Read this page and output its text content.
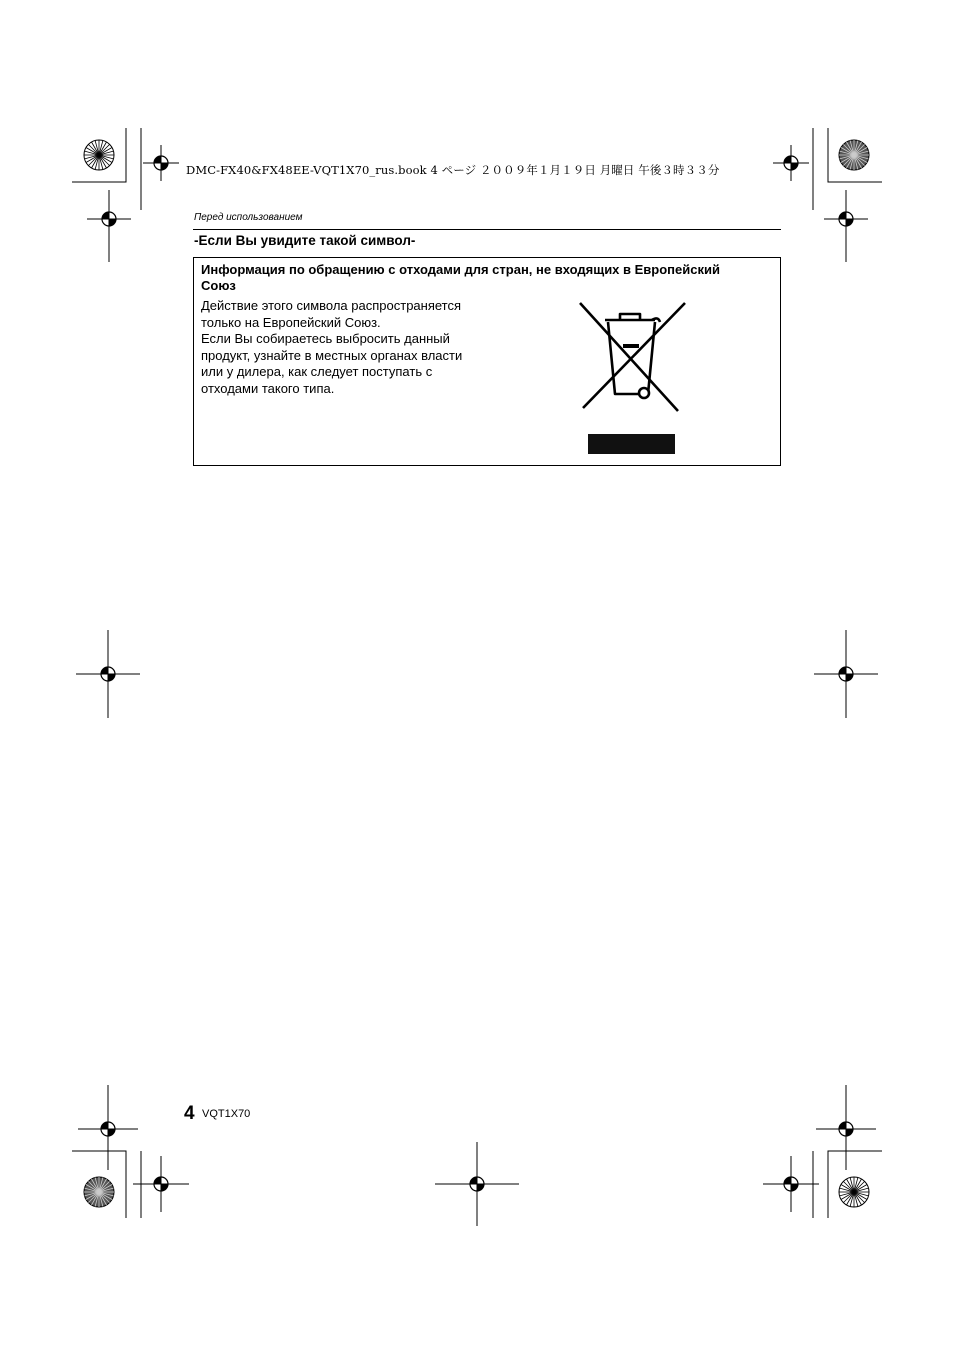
DMC-FX40&FX48EE-VQT1X70_rus.book 4 ページ ２００９年１月１９日 月曜日 午後３時３３分
Перед использованием
-Если Вы увидите такой символ-
Информация по обращению с отходами для стран, не входящих в Европейский Союз

Действие этого символа распространяется только на Европейский Союз.

Если Вы собираетесь выбросить данный продукт, узнайте в местных органах власти или у дилера, как следует поступать с отходами такого типа.

4 VQT1X70
